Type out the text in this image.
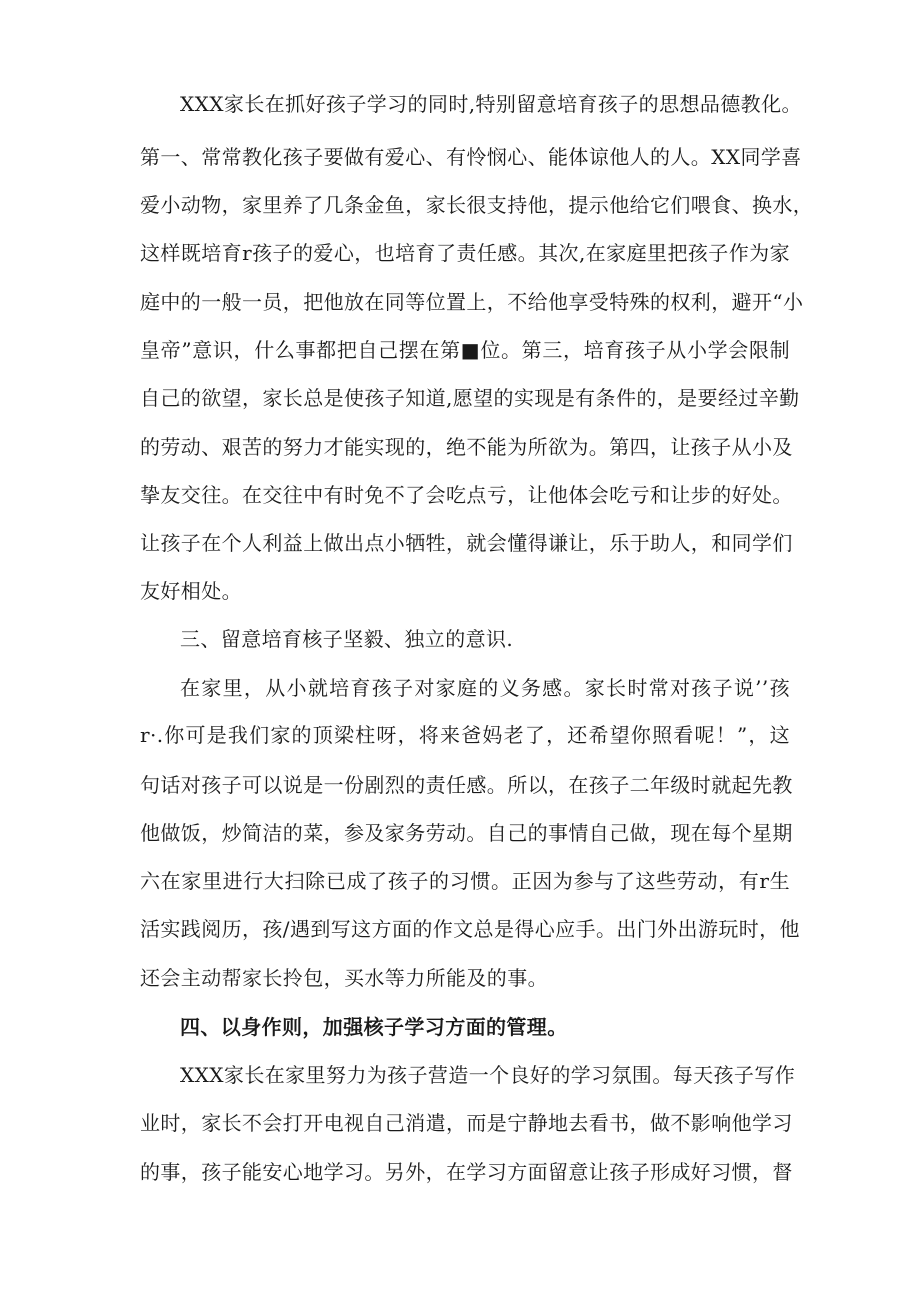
XXX家长在抓好孩子学习的同时,特别留意培育孩子的思想品德教化。
第一、常常教化孩子要做有爱心、有怜悯心、能体谅他人的人。XX同学喜
爱小动物，家里养了几条金鱼，家长很支持他，提示他给它们喂食、换水，
这样既培育r孩子的爱心，也培育了责任感。其次,在家庭里把孩子作为家
庭中的一般一员，把他放在同等位置上，不给他享受特殊的权利，避开“小
皇帝”意识，什么事都把自己摆在第■位。第三，培育孩子从小学会限制
自己的欲望，家长总是使孩子知道,愿望的实现是有条件的，是要经过辛勤
的劳动、艰苦的努力才能实现的，绝不能为所欲为。第四，让孩子从小及
挚友交往。在交往中有时免不了会吃点亏，让他体会吃亏和让步的好处。
让孩子在个人利益上做出点小牺牲，就会懂得谦让，乐于助人，和同学们
友好相处。
三、留意培育核子坚毅、独立的意识.
在家里，从小就培育孩子对家庭的义务感。家长时常对孩子说’’孩
r·.你可是我们家的顶梁柱呀，将来爸妈老了，还希望你照看呢！”，这
句话对孩子可以说是一份剧烈的责任感。所以，在孩子二年级时就起先教
他做饭，炒简洁的菜，参及家务劳动。自己的事情自己做，现在每个星期
六在家里进行大扫除已成了孩子的习惯。正因为参与了这些劳动，有r生
活实践阅历，孩/遇到写这方面的作文总是得心应手。出门外出游玩时，他
还会主动帮家长拎包，买水等力所能及的事。
四、以身作则，加强核子学习方面的管理。
XXX家长在家里努力为孩子营造一个良好的学习氛围。每天孩子写作
业时，家长不会打开电视自己消遣，而是宁静地去看书，做不影响他学习
的事，孩子能安心地学习。另外，在学习方面留意让孩子形成好习惯，督
